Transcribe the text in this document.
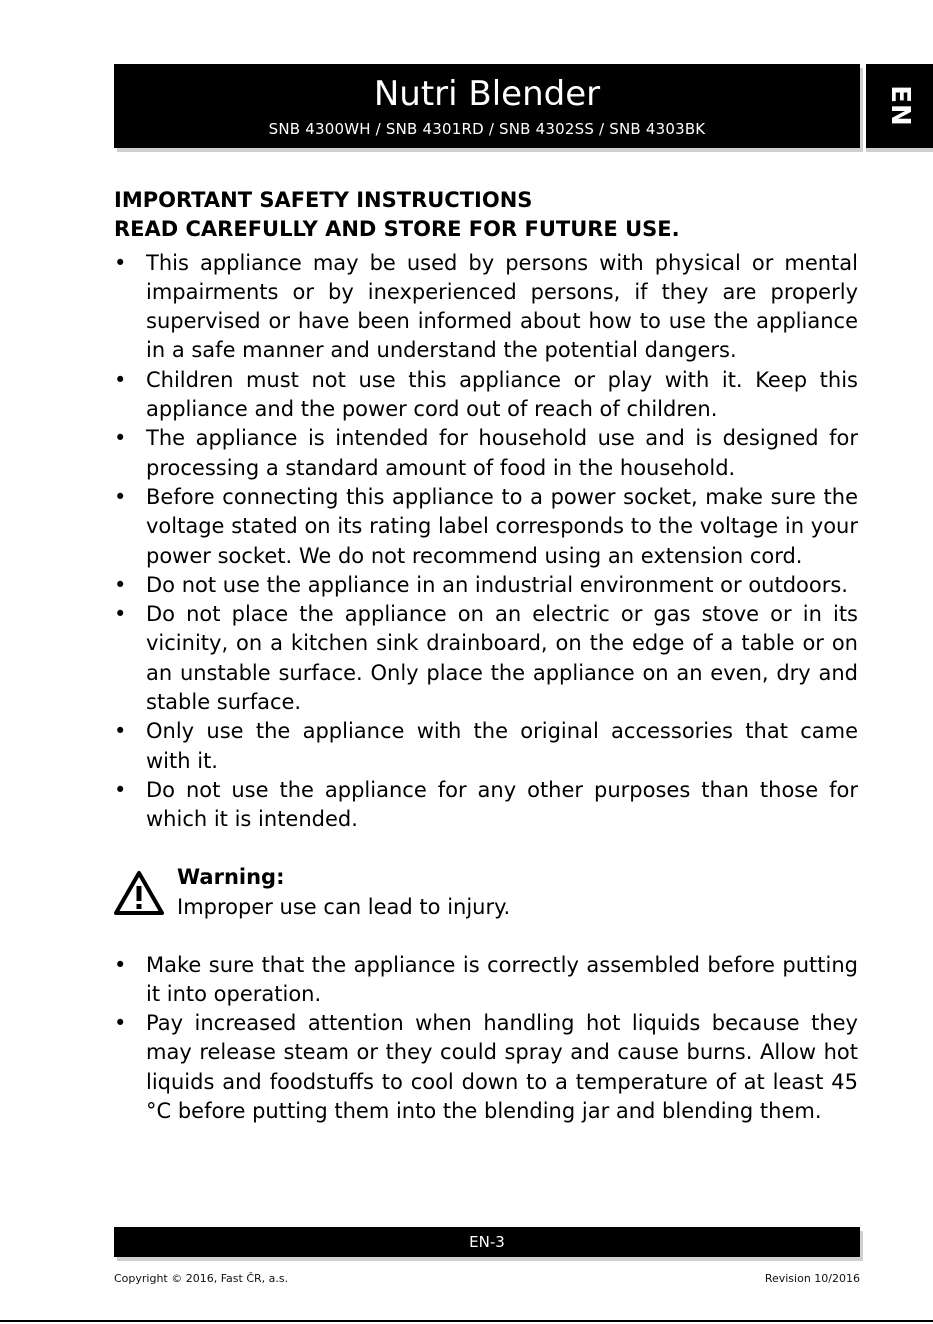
Nutri Blender
SNB 4300WH / SNB 4301RD / SNB 4302SS / SNB 4303BK
EN
IMPORTANT SAFETY INSTRUCTIONS
READ CAREFULLY AND STORE FOR FUTURE USE.
• This appliance may be used by persons with physical or mental impairments or by inexperienced persons, if they are properly supervised or have been informed about how to use the appliance in a safe manner and understand the potential dangers.
• Children must not use this appliance or play with it. Keep this appliance and the power cord out of reach of children.
• The appliance is intended for household use and is designed for processing a standard amount of food in the household.
• Before connecting this appliance to a power socket, make sure the voltage stated on its rating label corresponds to the voltage in your power socket. We do not recommend using an extension cord.
• Do not use the appliance in an industrial environment or outdoors.
• Do not place the appliance on an electric or gas stove or in its vicinity, on a kitchen sink drainboard, on the edge of a table or on an unstable surface. Only place the appliance on an even, dry and stable surface.
• Only use the appliance with the original accessories that came with it.
• Do not use the appliance for any other purposes than those for which it is intended.
Warning:
Improper use can lead to injury.
• Make sure that the appliance is correctly assembled before putting it into operation.
• Pay increased attention when handling hot liquids because they may release steam or they could spray and cause burns. Allow hot liquids and foodstuffs to cool down to a temperature of at least 45 °C before putting them into the blending jar and blending them.
EN-3
Copyright © 2016, Fast ČR, a.s.	Revision 10/2016
